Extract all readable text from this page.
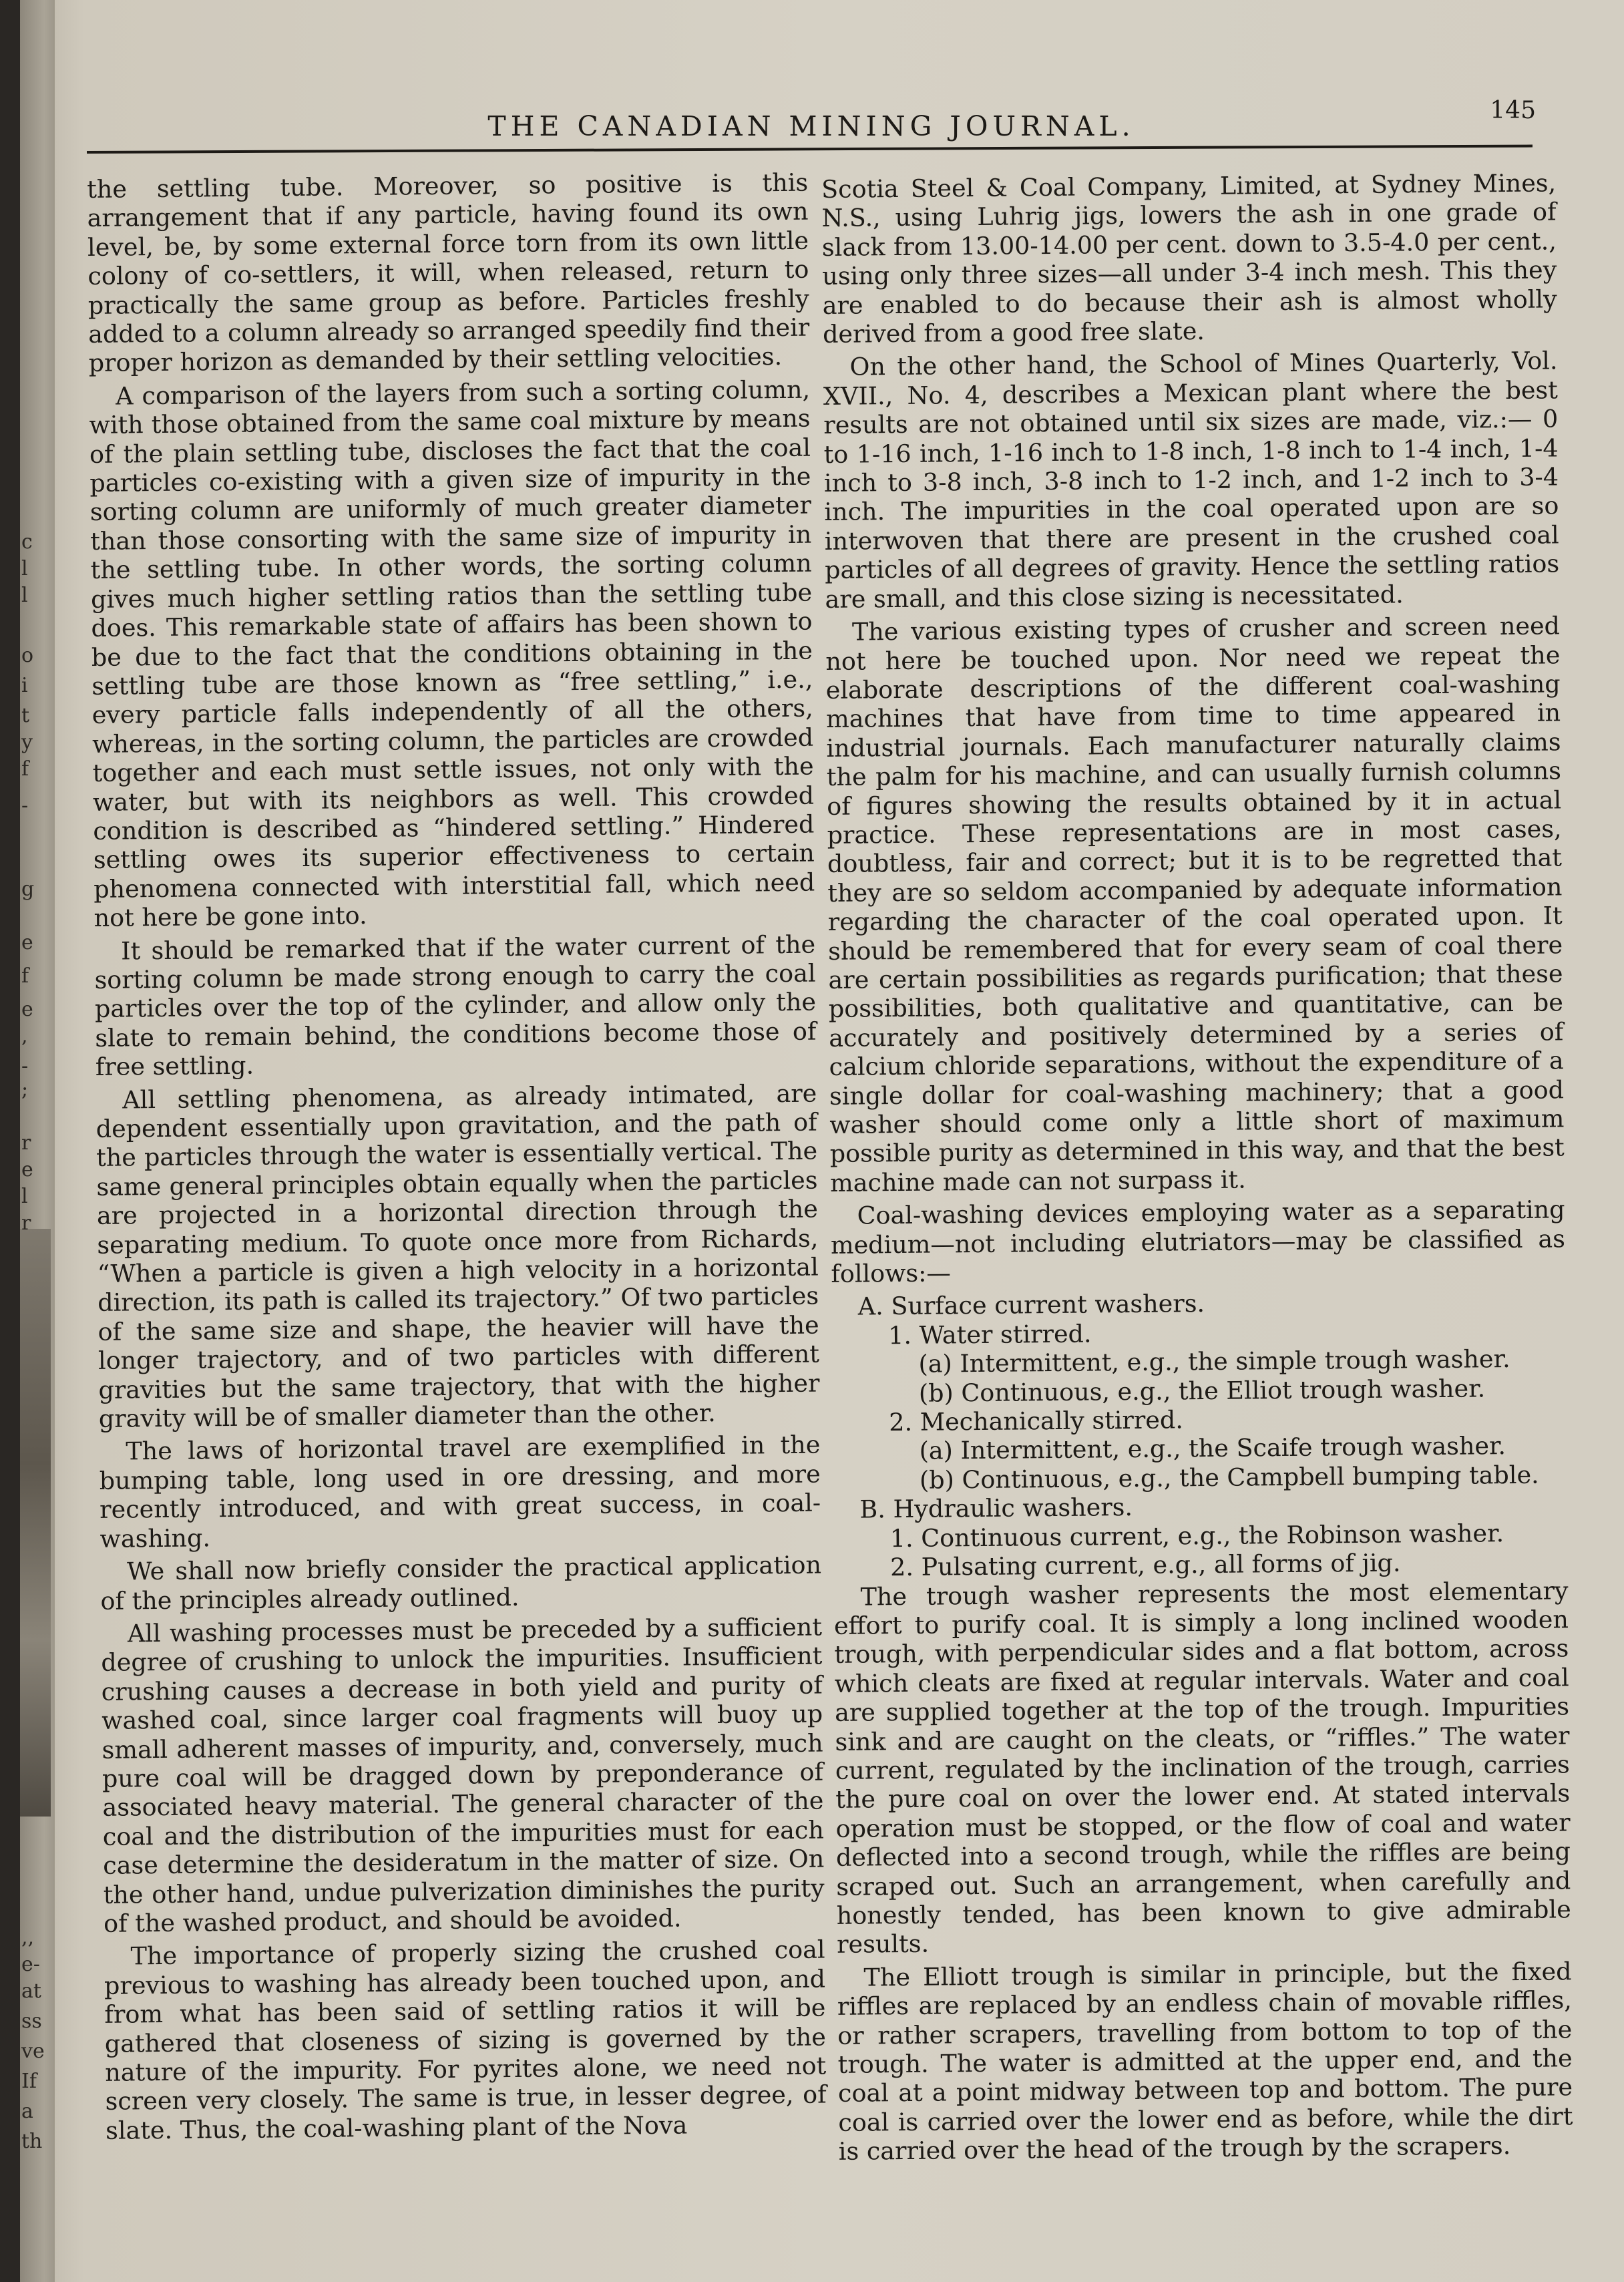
c
l
l
o
i
t
y
f
-
g
e
f
e
,
-
;
r
e
l
r
,,
e-
at
ss
ve
If
a
th
THE CANADIAN MINING JOURNAL.	145

the settling tube. Moreover, so positive is this arrangement that if any particle, having found its own level, be, by some external force torn from its own little colony of co-settlers, it will, when released, return to practically the same group as before. Particles freshly added to a column already so arranged speedily find their proper horizon as demanded by their settling velocities.

A comparison of the layers from such a sorting column, with those obtained from the same coal mixture by means of the plain settling tube, discloses the fact that the coal particles co-existing with a given size of impurity in the sorting column are uniformly of much greater diameter than those consorting with the same size of impurity in the settling tube. In other words, the sorting column gives much higher settling ratios than the settling tube does. This remarkable state of affairs has been shown to be due to the fact that the conditions obtaining in the settling tube are those known as “free settling,” i.e., every particle falls independently of all the others, whereas, in the sorting column, the particles are crowded together and each must settle issues, not only with the water, but with its neighbors as well. This crowded condition is described as “hindered settling.” Hindered settling owes its superior effectiveness to certain phenomena connected with interstitial fall, which need not here be gone into.

It should be remarked that if the water current of the sorting column be made strong enough to carry the coal particles over the top of the cylinder, and allow only the slate to remain behind, the conditions become those of free settling.

All settling phenomena, as already intimated, are dependent essentially upon gravitation, and the path of the particles through the water is essentially vertical. The same general principles obtain equally when the particles are projected in a horizontal direction through the separating medium. To quote once more from Richards, “When a particle is given a high velocity in a horizontal direction, its path is called its trajectory.” Of two particles of the same size and shape, the heavier will have the longer trajectory, and of two particles with different gravities but the same trajectory, that with the higher gravity will be of smaller diameter than the other.

The laws of horizontal travel are exemplified in the bumping table, long used in ore dressing, and more recently introduced, and with great success, in coal-washing.

We shall now briefly consider the practical application of the principles already outlined.

All washing processes must be preceded by a sufficient degree of crushing to unlock the impurities. Insufficient crushing causes a decrease in both yield and purity of washed coal, since larger coal fragments will buoy up small adherent masses of impurity, and, conversely, much pure coal will be dragged down by preponderance of associated heavy material. The general character of the coal and the distribution of the impurities must for each case determine the desideratum in the matter of size. On the other hand, undue pulverization diminishes the purity of the washed product, and should be avoided.

The importance of properly sizing the crushed coal previous to washing has already been touched upon, and from what has been said of settling ratios it will be gathered that closeness of sizing is governed by the nature of the impurity. For pyrites alone, we need not screen very closely. The same is true, in lesser degree, of slate. Thus, the coal-washing plant of the Nova

Scotia Steel & Coal Company, Limited, at Sydney Mines, N.S., using Luhrig jigs, lowers the ash in one grade of slack from 13.00-14.00 per cent. down to 3.5-4.0 per cent., using only three sizes—all under 3-4 inch mesh. This they are enabled to do because their ash is almost wholly derived from a good free slate.

On the other hand, the School of Mines Quarterly, Vol. XVII., No. 4, describes a Mexican plant where the best results are not obtained until six sizes are made, viz.:— 0 to 1-16 inch, 1-16 inch to 1-8 inch, 1-8 inch to 1-4 inch, 1-4 inch to 3-8 inch, 3-8 inch to 1-2 inch, and 1-2 inch to 3-4 inch. The impurities in the coal operated upon are so interwoven that there are present in the crushed coal particles of all degrees of gravity. Hence the settling ratios are small, and this close sizing is necessitated.

The various existing types of crusher and screen need not here be touched upon. Nor need we repeat the elaborate descriptions of the different coal-washing machines that have from time to time appeared in industrial journals. Each manufacturer naturally claims the palm for his machine, and can usually furnish columns of figures showing the results obtained by it in actual practice. These representations are in most cases, doubtless, fair and correct; but it is to be regretted that they are so seldom accompanied by adequate information regarding the character of the coal operated upon. It should be remembered that for every seam of coal there are certain possibilities as regards purification; that these possibilities, both qualitative and quantitative, can be accurately and positively determined by a series of calcium chloride separations, without the expenditure of a single dollar for coal-washing machinery; that a good washer should come only a little short of maximum possible purity as determined in this way, and that the best machine made can not surpass it.

Coal-washing devices employing water as a separating medium—not including elutriators—may be classified as follows:—

A. Surface current washers.
1. Water stirred.
(a) Intermittent, e.g., the simple trough washer.
(b) Continuous, e.g., the Elliot trough washer.
2. Mechanically stirred.
(a) Intermittent, e.g., the Scaife trough washer.
(b) Continuous, e.g., the Campbell bumping table.
B. Hydraulic washers.
1. Continuous current, e.g., the Robinson washer.
2. Pulsating current, e.g., all forms of jig.

The trough washer represents the most elementary effort to purify coal. It is simply a long inclined wooden trough, with perpendicular sides and a flat bottom, across which cleats are fixed at regular intervals. Water and coal are supplied together at the top of the trough. Impurities sink and are caught on the cleats, or “riffles.” The water current, regulated by the inclination of the trough, carries the pure coal on over the lower end. At stated intervals operation must be stopped, or the flow of coal and water deflected into a second trough, while the riffles are being scraped out. Such an arrangement, when carefully and honestly tended, has been known to give admirable results.

The Elliott trough is similar in principle, but the fixed riffles are replaced by an endless chain of movable riffles, or rather scrapers, travelling from bottom to top of the trough. The water is admitted at the upper end, and the coal at a point midway between top and bottom. The pure coal is carried over the lower end as before, while the dirt is carried over the head of the trough by the scrapers.
